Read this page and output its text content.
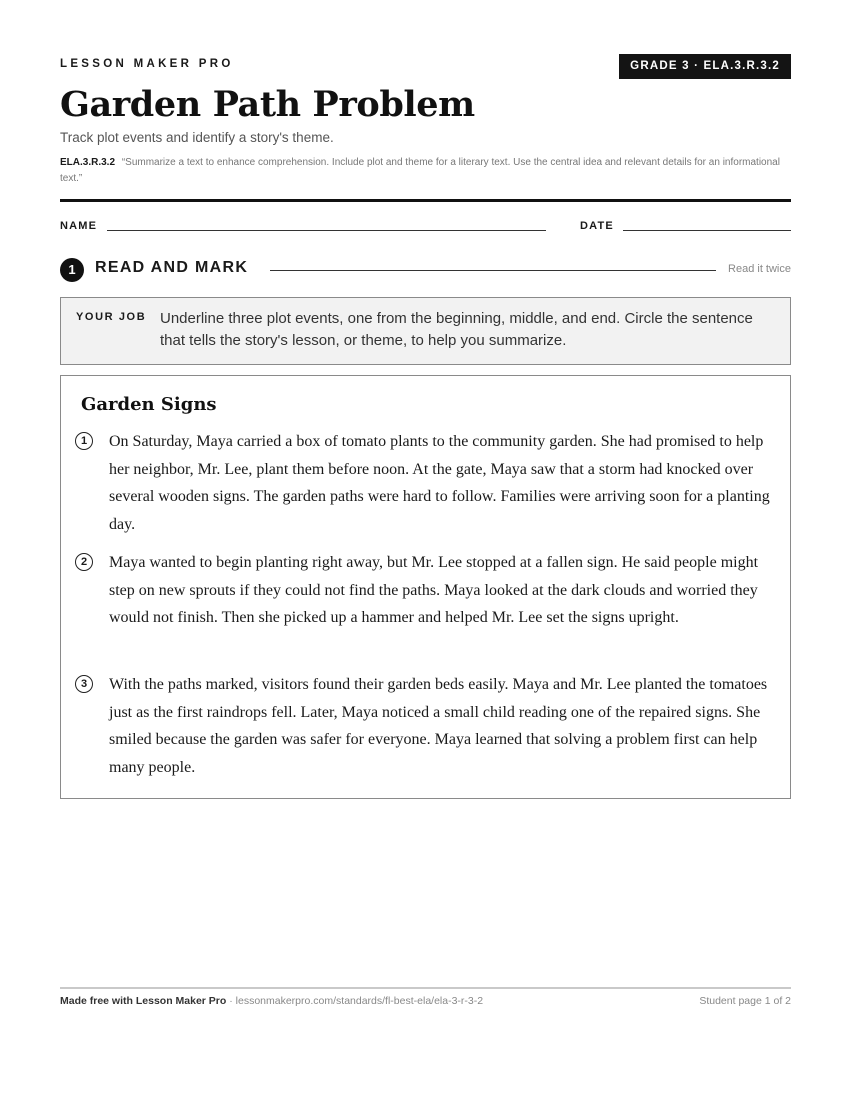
LESSON MAKER PRO	GRADE 3 · ELA.3.R.3.2
Garden Path Problem
Track plot events and identify a story's theme.
ELA.3.R.3.2 “Summarize a text to enhance comprehension. Include plot and theme for a literary text. Use the central idea and relevant details for an informational text.”
NAME	DATE
1	READ AND MARK	Read it twice
YOUR JOB Underline three plot events, one from the beginning, middle, and end. Circle the sentence that tells the story's lesson, or theme, to help you summarize.
Garden Signs
1	On Saturday, Maya carried a box of tomato plants to the community garden. She had promised to help her neighbor, Mr. Lee, plant them before noon. At the gate, Maya saw that a storm had knocked over several wooden signs. The garden paths were hard to follow. Families were arriving soon for a planting day.

2	Maya wanted to begin planting right away, but Mr. Lee stopped at a fallen sign. He said people might step on new sprouts if they could not find the paths. Maya looked at the dark clouds and worried they would not finish. Then she picked up a hammer and helped Mr. Lee set the signs upright.

3	With the paths marked, visitors found their garden beds easily. Maya and Mr. Lee planted the tomatoes just as the first raindrops fell. Later, Maya noticed a small child reading one of the repaired signs. She smiled because the garden was safer for everyone. Maya learned that solving a problem first can help many people.

Made free with Lesson Maker Pro · lessonmakerpro.com/standards/fl-best-ela/ela-3-r-3-2	Student page 1 of 2
